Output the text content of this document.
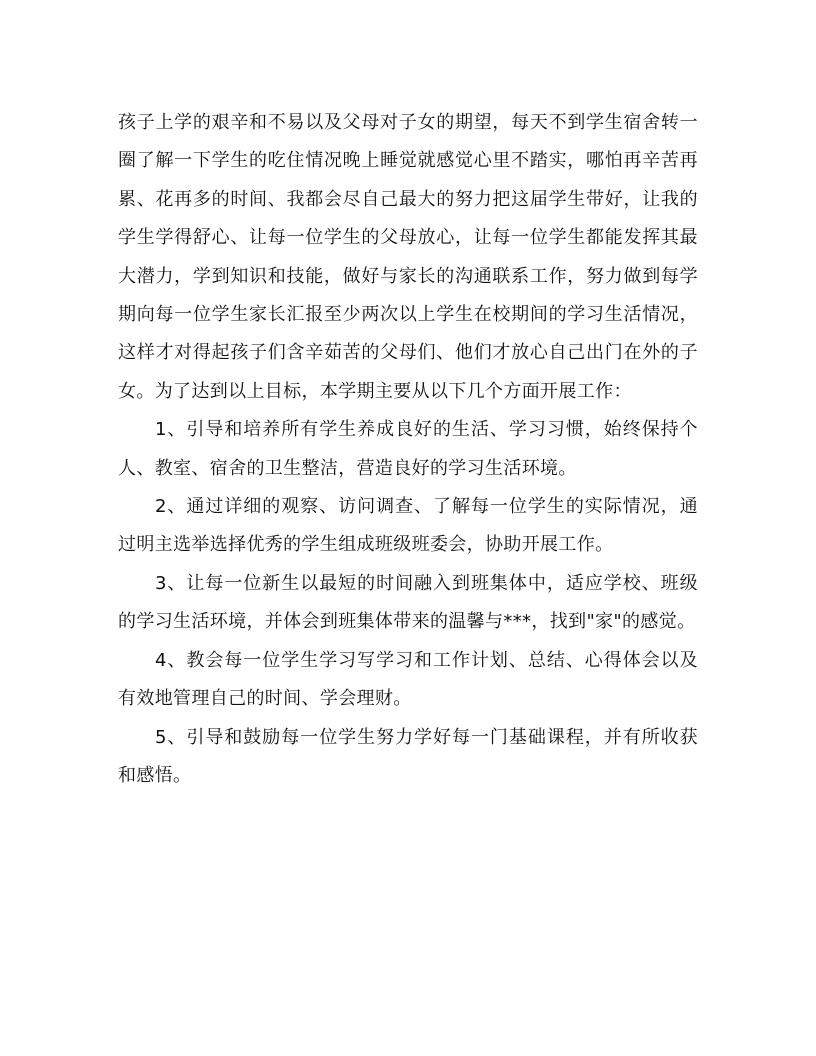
孩子上学的艰辛和不易以及父母对子女的期望，每天不到学生宿舍转一圈了解一下学生的吃住情况晚上睡觉就感觉心里不踏实，哪怕再辛苦再累、花再多的时间、我都会尽自己最大的努力把这届学生带好，让我的学生学得舒心、让每一位学生的父母放心，让每一位学生都能发挥其最大潜力，学到知识和技能，做好与家长的沟通联系工作，努力做到每学期向每一位学生家长汇报至少两次以上学生在校期间的学习生活情况，这样才对得起孩子们含辛茹苦的父母们、他们才放心自己出门在外的子女。为了达到以上目标，本学期主要从以下几个方面开展工作：

1、引导和培养所有学生养成良好的生活、学习习惯，始终保持个人、教室、宿舍的卫生整洁，营造良好的学习生活环境。

2、通过详细的观察、访问调查、了解每一位学生的实际情况，通过明主选举选择优秀的学生组成班级班委会，协助开展工作。

3、让每一位新生以最短的时间融入到班集体中，适应学校、班级的学习生活环境，并体会到班集体带来的温馨与***，找到"家"的感觉。

4、教会每一位学生学习写学习和工作计划、总结、心得体会以及有效地管理自己的时间、学会理财。

5、引导和鼓励每一位学生努力学好每一门基础课程，并有所收获和感悟。
